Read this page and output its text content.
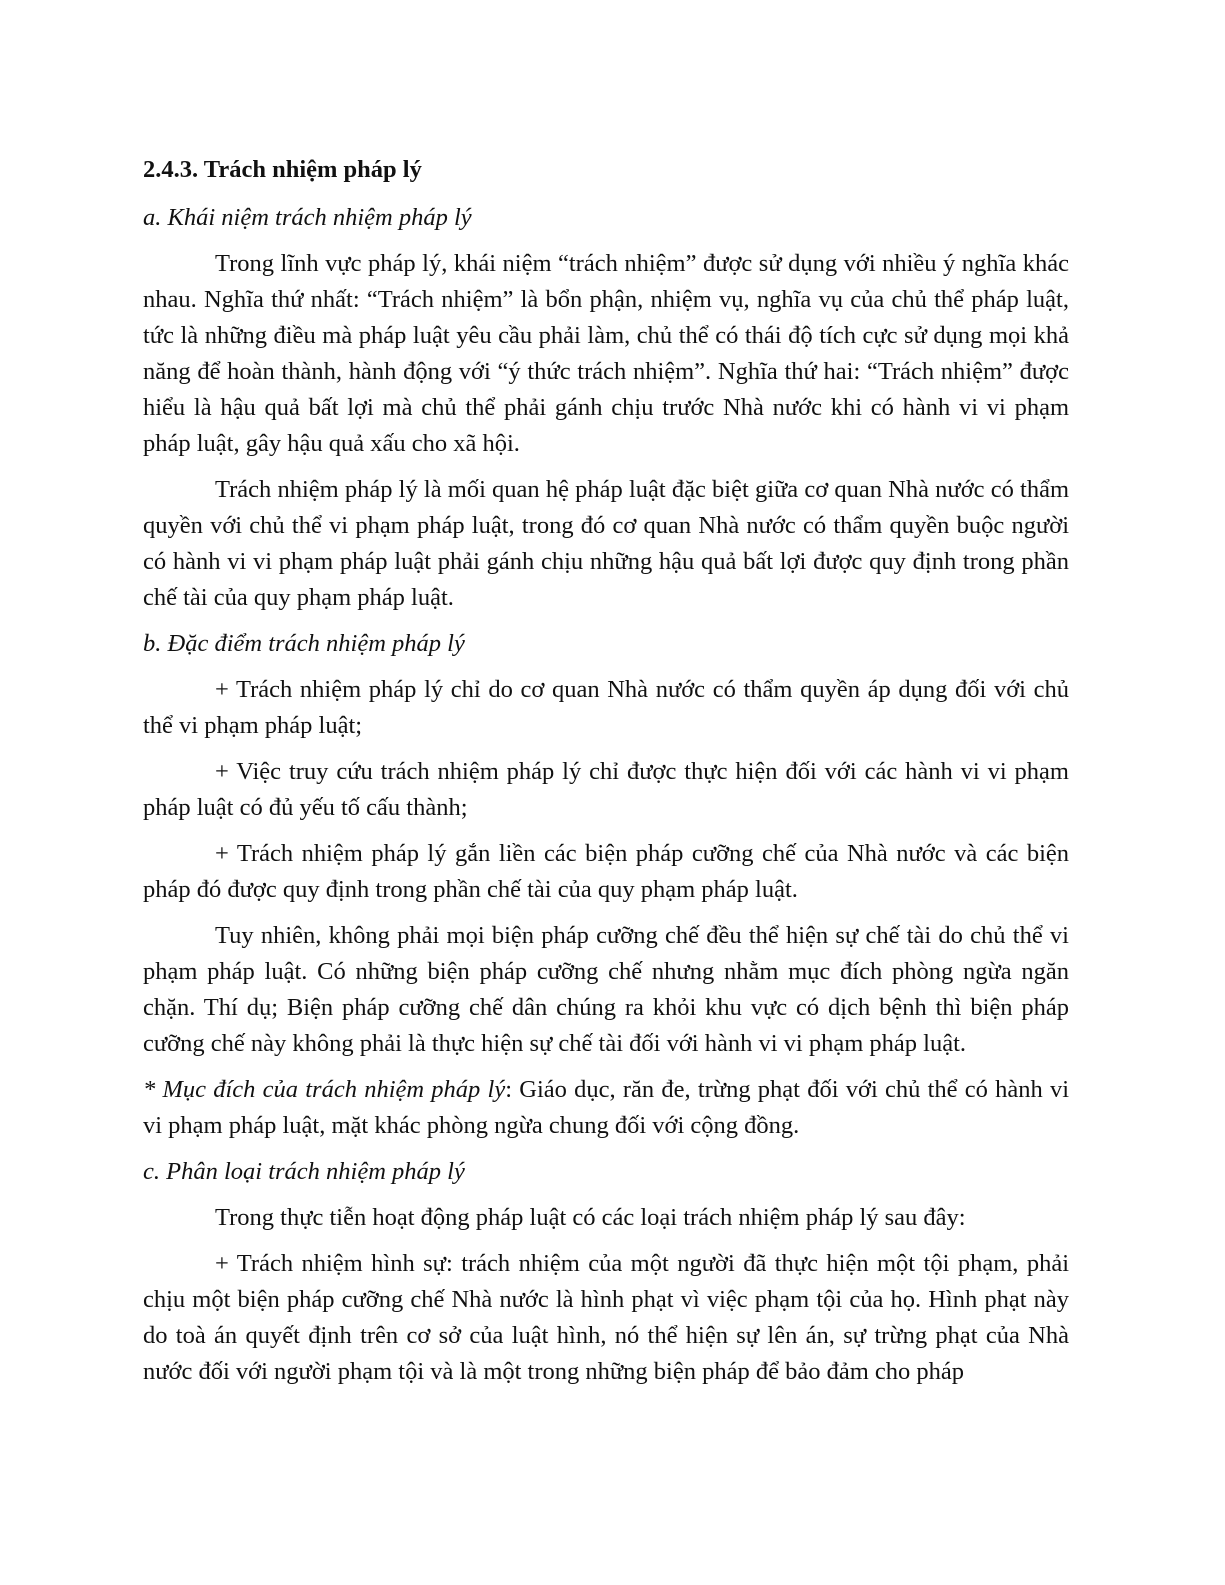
2.4.3. Trách nhiệm pháp lý
a. Khái niệm trách nhiệm pháp lý

Trong lĩnh vực pháp lý, khái niệm “trách nhiệm” được sử dụng với nhiều ý nghĩa khác nhau. Nghĩa thứ nhất: “Trách nhiệm” là bổn phận, nhiệm vụ, nghĩa vụ của chủ thể pháp luật, tức là những điều mà pháp luật yêu cầu phải làm, chủ thể có thái độ tích cực sử dụng mọi khả năng để hoàn thành, hành động với “ý thức trách nhiệm”. Nghĩa thứ hai: “Trách nhiệm” được hiểu là hậu quả bất lợi mà chủ thể phải gánh chịu trước Nhà nước khi có hành vi vi phạm pháp luật, gây hậu quả xấu cho xã hội.

Trách nhiệm pháp lý là mối quan hệ pháp luật đặc biệt giữa cơ quan Nhà nước có thẩm quyền với chủ thể vi phạm pháp luật, trong đó cơ quan Nhà nước có thẩm quyền buộc người có hành vi vi phạm pháp luật phải gánh chịu những hậu quả bất lợi được quy định trong phần chế tài của quy phạm pháp luật.

b. Đặc điểm trách nhiệm pháp lý

+ Trách nhiệm pháp lý chỉ do cơ quan Nhà nước có thẩm quyền áp dụng đối với chủ thể vi phạm pháp luật;

+ Việc truy cứu trách nhiệm pháp lý chỉ được thực hiện đối với các hành vi vi phạm pháp luật có đủ yếu tố cấu thành;

+ Trách nhiệm pháp lý gắn liền các biện pháp cưỡng chế của Nhà nước và các biện pháp đó được quy định trong phần chế tài của quy phạm pháp luật.

Tuy nhiên, không phải mọi biện pháp cưỡng chế đều thể hiện sự chế tài do chủ thể vi phạm pháp luật. Có những biện pháp cưỡng chế nhưng nhằm mục đích phòng ngừa ngăn chặn. Thí dụ; Biện pháp cưỡng chế dân chúng ra khỏi khu vực có dịch bệnh thì biện pháp cưỡng chế này không phải là thực hiện sự chế tài đối với hành vi vi phạm pháp luật.

* Mục đích của trách nhiệm pháp lý: Giáo dục, răn đe, trừng phạt đối với chủ thể có hành vi vi phạm pháp luật, mặt khác phòng ngừa chung đối với cộng đồng.

c. Phân loại trách nhiệm pháp lý

Trong thực tiễn hoạt động pháp luật có các loại trách nhiệm pháp lý sau đây:

+ Trách nhiệm hình sự: trách nhiệm của một người đã thực hiện một tội phạm, phải chịu một biện pháp cưỡng chế Nhà nước là hình phạt vì việc phạm tội của họ. Hình phạt này do toà án quyết định trên cơ sở của luật hình, nó thể hiện sự lên án, sự trừng phạt của Nhà nước đối với người phạm tội và là một trong những biện pháp để bảo đảm cho pháp
